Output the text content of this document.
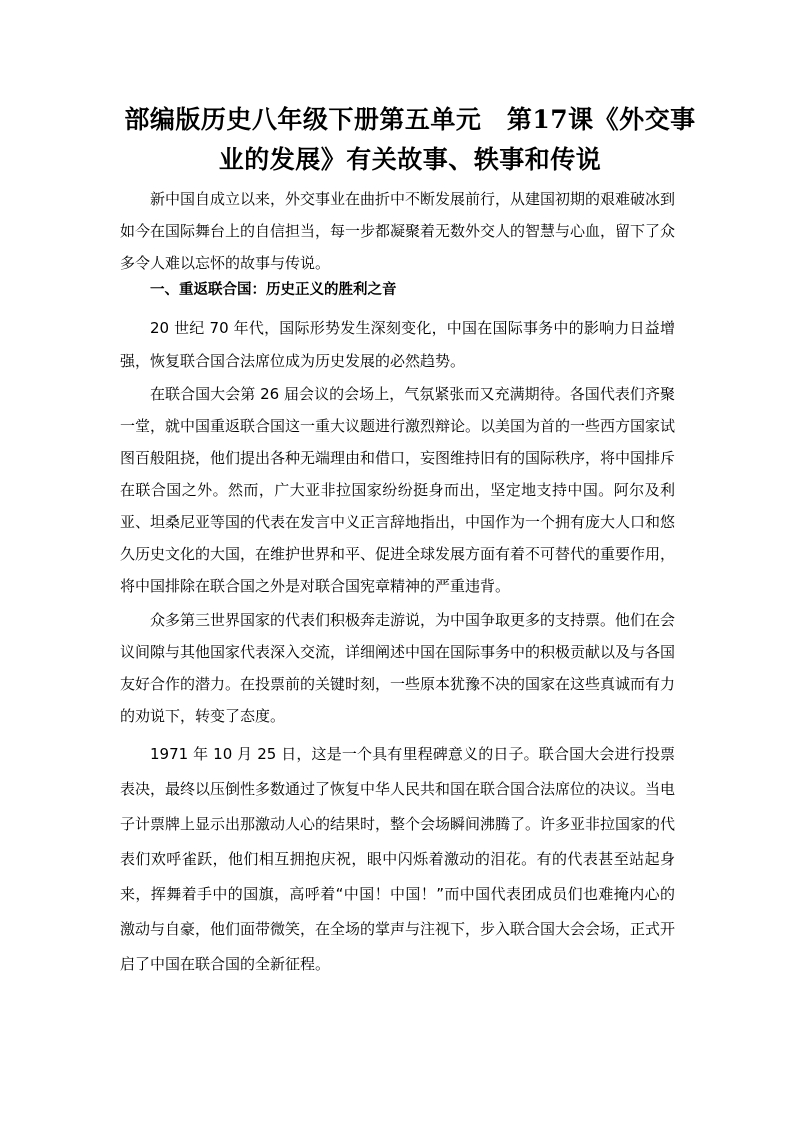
部编版历史八年级下册第五单元　第17课《外交事业的发展》有关故事、轶事和传说

新中国自成立以来，外交事业在曲折中不断发展前行，从建国初期的艰难破冰到如今在国际舞台上的自信担当，每一步都凝聚着无数外交人的智慧与心血，留下了众多令人难以忘怀的故事与传说。

一、重返联合国：历史正义的胜利之音

20 世纪 70 年代，国际形势发生深刻变化，中国在国际事务中的影响力日益增强，恢复联合国合法席位成为历史发展的必然趋势。

在联合国大会第 26 届会议的会场上，气氛紧张而又充满期待。各国代表们齐聚一堂，就中国重返联合国这一重大议题进行激烈辩论。以美国为首的一些西方国家试图百般阻挠，他们提出各种无端理由和借口，妄图维持旧有的国际秩序，将中国排斥在联合国之外。然而，广大亚非拉国家纷纷挺身而出，坚定地支持中国。阿尔及利亚、坦桑尼亚等国的代表在发言中义正言辞地指出，中国作为一个拥有庞大人口和悠久历史文化的大国，在维护世界和平、促进全球发展方面有着不可替代的重要作用，将中国排除在联合国之外是对联合国宪章精神的严重违背。

众多第三世界国家的代表们积极奔走游说，为中国争取更多的支持票。他们在会议间隙与其他国家代表深入交流，详细阐述中国在国际事务中的积极贡献以及与各国友好合作的潜力。在投票前的关键时刻，一些原本犹豫不决的国家在这些真诚而有力的劝说下，转变了态度。

1971 年 10 月 25 日，这是一个具有里程碑意义的日子。联合国大会进行投票表决，最终以压倒性多数通过了恢复中华人民共和国在联合国合法席位的决议。当电子计票牌上显示出那激动人心的结果时，整个会场瞬间沸腾了。许多亚非拉国家的代表们欢呼雀跃，他们相互拥抱庆祝，眼中闪烁着激动的泪花。有的代表甚至站起身来，挥舞着手中的国旗，高呼着“中国！中国！”而中国代表团成员们也难掩内心的激动与自豪，他们面带微笑，在全场的掌声与注视下，步入联合国大会会场，正式开启了中国在联合国的全新征程。
